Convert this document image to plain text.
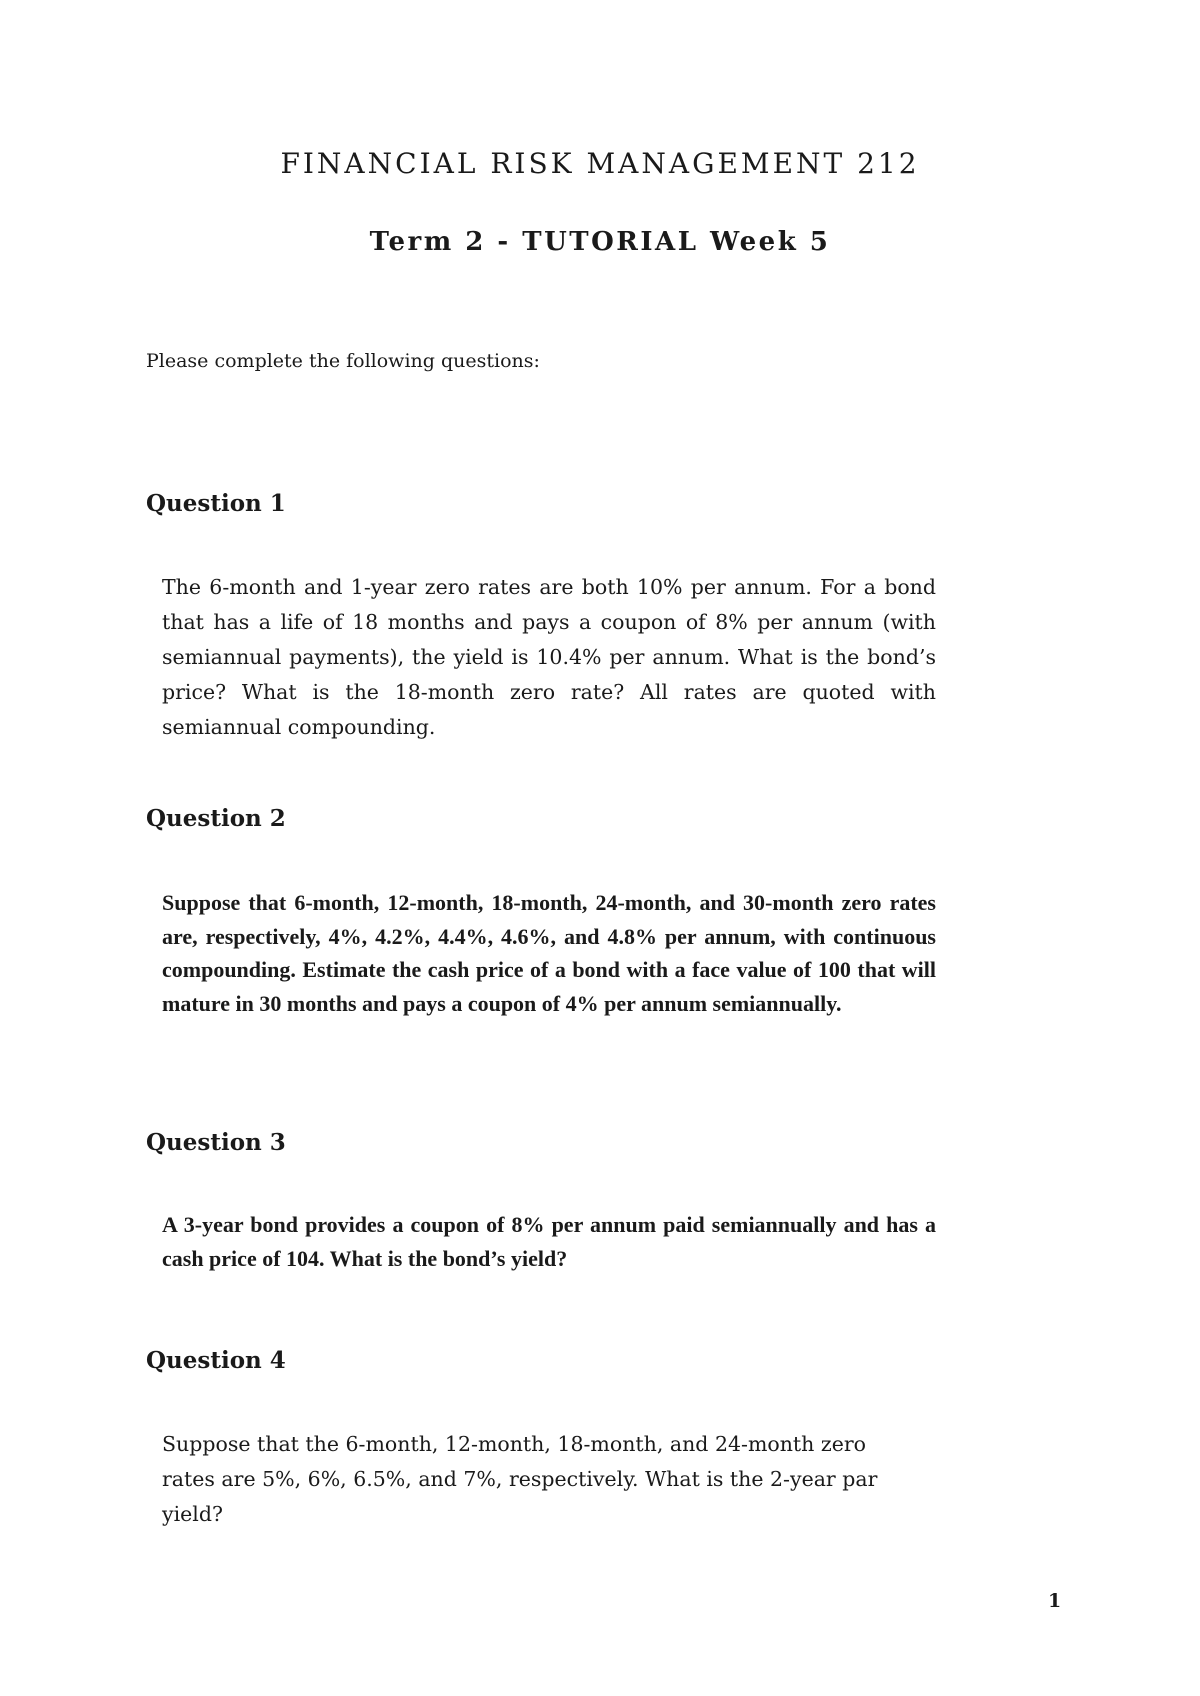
FINANCIAL RISK MANAGEMENT 212
Term 2 - TUTORIAL Week 5

Please complete the following questions:

Question 1

The 6-month and 1-year zero rates are both 10% per annum. For a bond that has a life of 18 months and pays a coupon of 8% per annum (with semiannual payments), the yield is 10.4% per annum. What is the bond’s price? What is the 18-month zero rate? All rates are quoted with semiannual compounding.

Question 2

Suppose that 6-month, 12-month, 18-month, 24-month, and 30-month zero rates are, respectively, 4%, 4.2%, 4.4%, 4.6%, and 4.8% per annum, with continuous compounding. Estimate the cash price of a bond with a face value of 100 that will mature in 30 months and pays a coupon of 4% per annum semiannually.

Question 3

A 3-year bond provides a coupon of 8% per annum paid semiannually and has a cash price of 104. What is the bond’s yield?

Question 4

Suppose that the 6-month, 12-month, 18-month, and 24-month zero rates are 5%, 6%, 6.5%, and 7%, respectively. What is the 2-year par yield?

1
